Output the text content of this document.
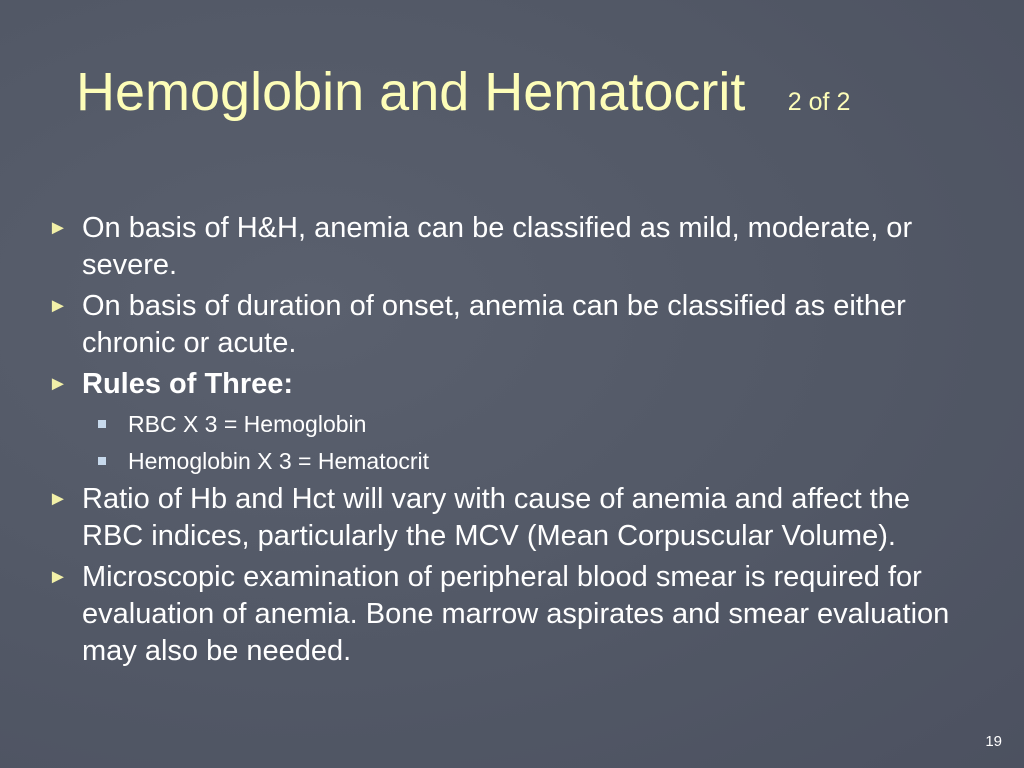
Hemoglobin and Hematocrit 2 of 2
► On basis of H&H, anemia can be classified as mild, moderate, or severe.
► On basis of duration of onset, anemia can be classified as either chronic or acute.
► Rules of Three:
RBC X 3 = Hemoglobin
Hemoglobin X 3 = Hematocrit
► Ratio of Hb and Hct will vary with cause of anemia and affect the RBC indices, particularly the MCV (Mean Corpuscular Volume).
► Microscopic examination of peripheral blood smear is required for evaluation of anemia. Bone marrow aspirates and smear evaluation may also be needed.
19
